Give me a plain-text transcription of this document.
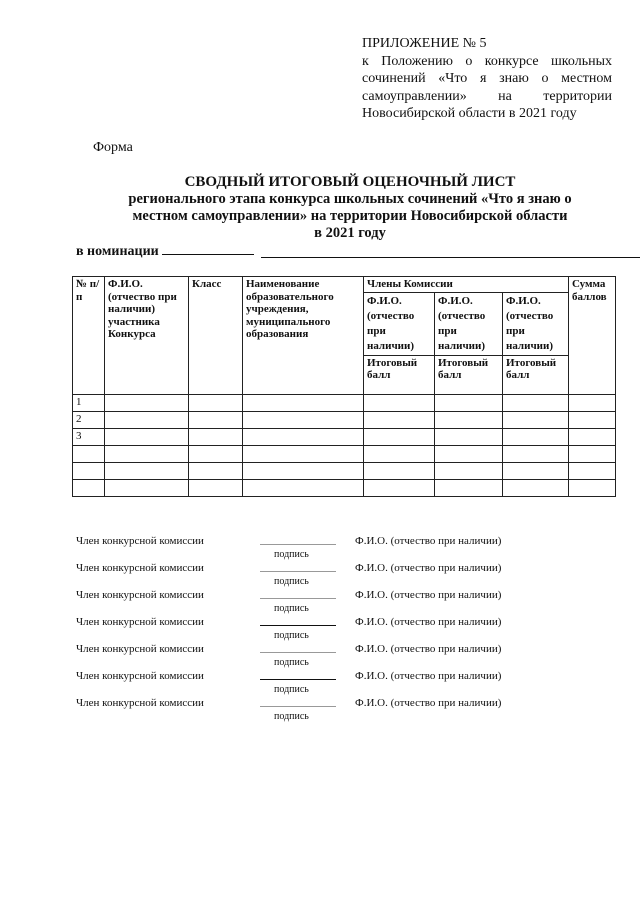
ПРИЛОЖЕНИЕ № 5
к Положению о конкурсе школьных
сочинений «Что я знаю о местном
самоуправлении» на территории
Новосибирской области в 2021 году
Форма
СВОДНЫЙ ИТОГОВЫЙ ОЦЕНОЧНЫЙ ЛИСТ
регионального этапа конкурса школьных сочинений «Что я знаю о
местном самоуправлении» на территории Новосибирской области
в 2021 году
в номинации
№ п/п	Ф.И.О. (отчество при наличии) участника Конкурса	Класс	Наименование образовательного учреждения, муниципального образования	Члены Комиссии			Сумма баллов
				Ф.И.О. (отчество при наличии)	Ф.И.О. (отчество при наличии)	Ф.И.О. (отчество при наличии)	
				Итоговый балл	Итоговый балл	Итоговый балл	
1							
2							
3							

Член конкурсной комиссии
подпись
Ф.И.О. (отчество при наличии)
Член конкурсной комиссии
подпись
Ф.И.О. (отчество при наличии)
Член конкурсной комиссии
подпись
Ф.И.О. (отчество при наличии)
Член конкурсной комиссии
подпись
Ф.И.О. (отчество при наличии)
Член конкурсной комиссии
подпись
Ф.И.О. (отчество при наличии)
Член конкурсной комиссии
подпись
Ф.И.О. (отчество при наличии)
Член конкурсной комиссии
подпись
Ф.И.О. (отчество при наличии)
